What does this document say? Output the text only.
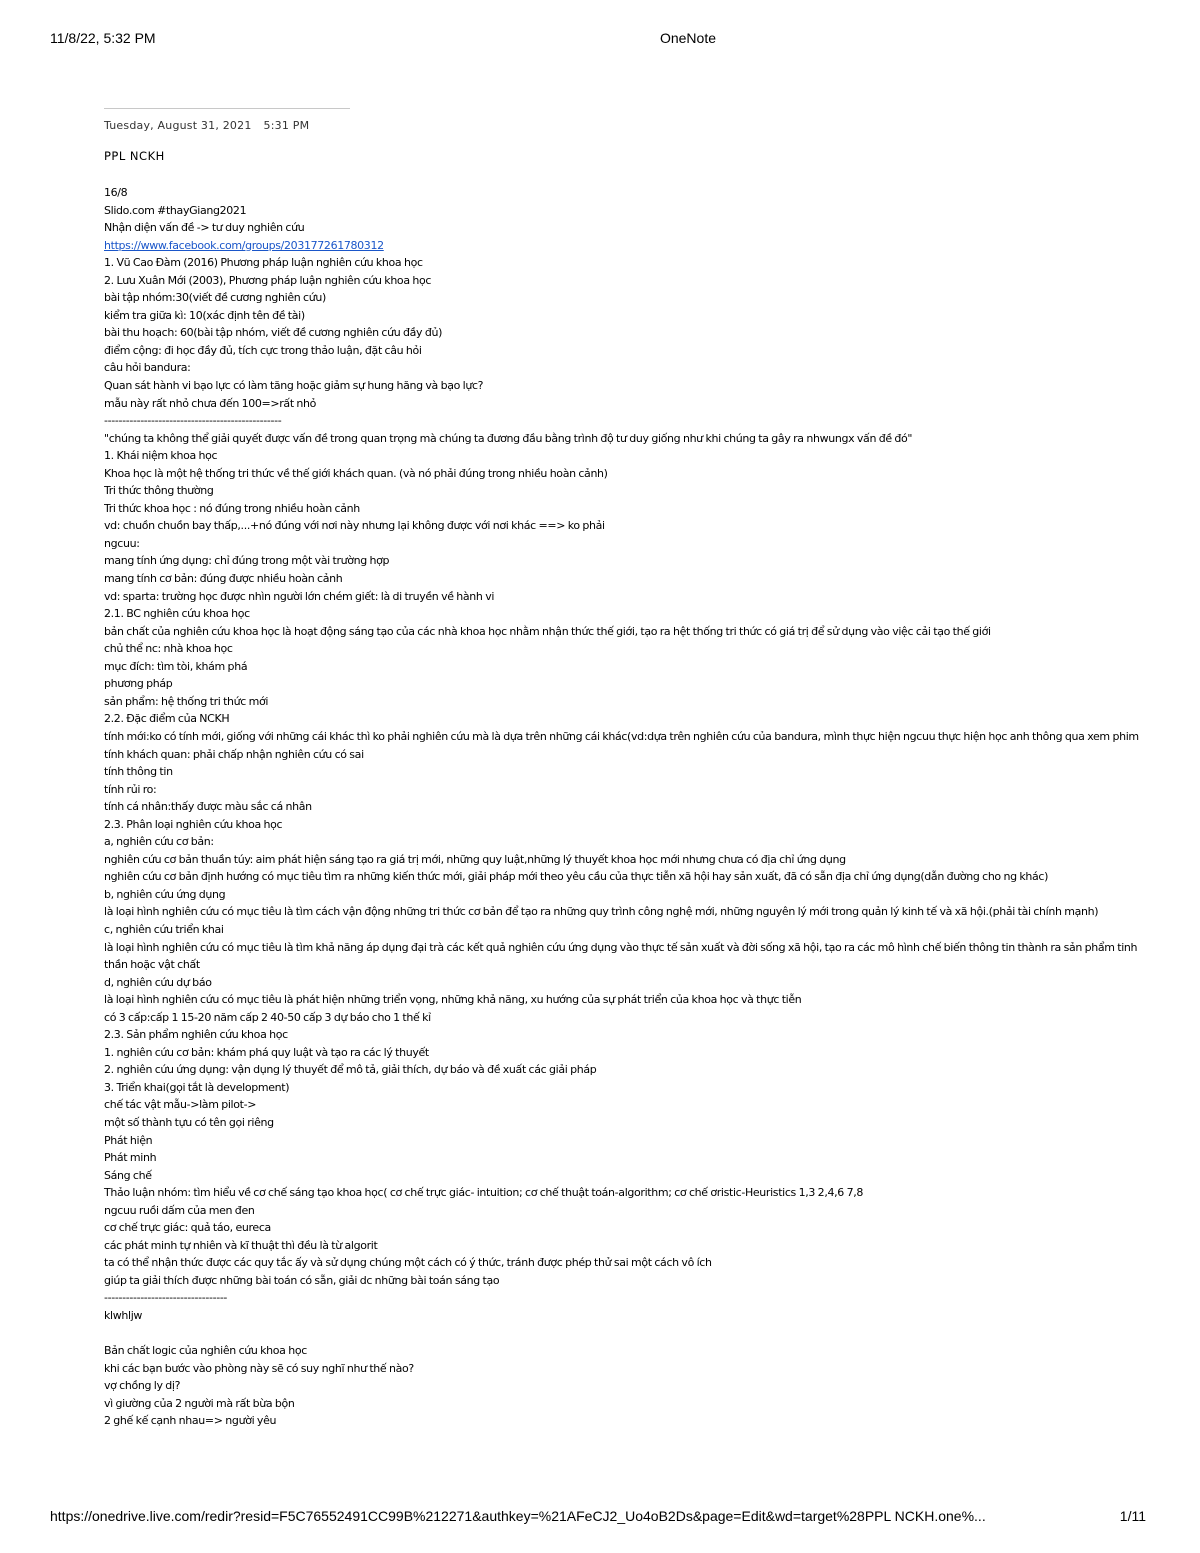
11/8/22, 5:32 PM	OneNote
Tuesday, August 31, 2021 5:31 PM
PPL NCKH
16/8
Slido.com #thayGiang2021
Nhận diện vấn đề -> tư duy nghiên cứu
https://www.facebook.com/groups/203177261780312
1. Vũ Cao Đàm (2016) Phương pháp luận nghiên cứu khoa học
2. Lưu Xuân Mới (2003), Phương pháp luận nghiên cứu khoa học
bài tập nhóm:30(viết đề cương nghiên cứu)
kiểm tra giữa kì: 10(xác định tên đề tài)
bài thu hoạch: 60(bài tập nhóm, viết đề cương nghiên cứu đầy đủ)
điểm cộng: đi học đầy đủ, tích cực trong thảo luận, đặt câu hỏi
câu hỏi bandura:
Quan sát hành vi bạo lực có làm tăng hoặc giảm sự hung hăng và bạo lực?
mẫu này rất nhỏ chưa đến 100=>rất nhỏ
-------------------------------------------------
"chúng ta không thể giải quyết được vấn đề trong quan trọng mà chúng ta đương đầu bằng trình độ tư duy giống như khi chúng ta gây ra nhwungx vấn đề đó"
1. Khái niệm khoa học
Khoa học là một hệ thống tri thức về thế giới khách quan. (và nó phải đúng trong nhiều hoàn cảnh)
Tri thức thông thường
Tri thức khoa học : nó đúng trong nhiều hoàn cảnh
vd: chuồn chuồn bay thấp,...+nó đúng với nơi này nhưng lại không được với nơi khác ==> ko phải
ngcuu:
mang tính ứng dụng: chỉ đúng trong một vài trường hợp
mang tính cơ bản: đúng được nhiều hoàn cảnh
vd: sparta: trường học được nhìn người lớn chém giết: là di truyền về hành vi
2.1. BC nghiên cứu khoa học
bản chất của nghiên cứu khoa học là hoạt động sáng tạo của các nhà khoa học nhằm nhận thức thế giới, tạo ra hệt thống tri thức có giá trị để sử dụng vào việc cải tạo thế giới
chủ thể nc: nhà khoa học
mục đích: tìm tòi, khám phá
phương pháp
sản phẩm: hệ thống tri thức mới
2.2. Đặc điểm của NCKH
tính mới:ko có tính mới, giống với những cái khác thì ko phải nghiên cứu mà là dựa trên những cái khác(vd:dựa trên nghiên cứu của bandura, mình thực hiện ngcuu thực hiện học anh thông qua xem phim
tính khách quan: phải chấp nhận nghiên cứu có sai
tính thông tin
tính rủi ro:
tính cá nhân:thấy được màu sắc cá nhân
2.3. Phân loại nghiên cứu khoa học
a, nghiên cứu cơ bản:
nghiên cứu cơ bản thuần túy: aim phát hiện sáng tạo ra giá trị mới, những quy luật,những lý thuyết khoa học mới nhưng chưa có địa chỉ ứng dụng
nghiên cứu cơ bản định hướng có mục tiêu tìm ra những kiến thức mới, giải pháp mới theo yêu cầu của thực tiễn xã hội hay sản xuất, đã có sẵn địa chỉ ứng dụng(dẫn đường cho ng khác)
b, nghiên cứu ứng dụng
là loại hình nghiên cứu có mục tiêu là tìm cách vận động những tri thức cơ bản để tạo ra những quy trình công nghệ mới, những nguyên lý mới trong quản lý kinh tế và xã hội.(phải tài chính mạnh)
c, nghiên cứu triển khai
là loại hình nghiên cứu có mục tiêu là tìm khả năng áp dụng đại trà các kết quả nghiên cứu ứng dụng vào thực tế sản xuất và đời sống xã hội, tạo ra các mô hình chế biến thông tin thành ra sản phẩm tinh thần hoặc vật chất
d, nghiên cứu dự báo
là loại hình nghiên cứu có mục tiêu là phát hiện những triển vọng, những khả năng, xu hướng của sự phát triển của khoa học và thực tiễn
có 3 cấp:cấp 1 15-20 năm cấp 2 40-50 cấp 3 dự báo cho 1 thế kỉ
2.3. Sản phẩm nghiên cứu khoa học
1. nghiên cứu cơ bản: khám phá quy luật và tạo ra các lý thuyết
2. nghiên cứu ứng dụng: vận dụng lý thuyết để mô tả, giải thích, dự báo và đề xuất các giải pháp
3. Triển khai(gọi tắt là development)
chế tác vật mẫu->làm pilot->
một số thành tựu có tên gọi riêng
Phát hiện
Phát minh
Sáng chế
Thảo luận nhóm: tìm hiểu về cơ chế sáng tạo khoa học( cơ chế trực giác- intuition; cơ chế thuật toán-algorithm; cơ chế ơristic-Heuristics 1,3 2,4,6 7,8
ngcuu ruồi dấm của men đen
cơ chế trực giác: quả táo, eureca
các phát minh tự nhiên và kĩ thuật thì đều là từ algorit
ta có thể nhận thức được các quy tắc ấy và sử dụng chúng một cách có ý thức, tránh được phép thử sai một cách vô ích
giúp ta giải thích được những bài toán có sẵn, giải dc những bài toán sáng tạo
----------------------------------
klwhljw
Bản chất logic của nghiên cứu khoa học
khi các bạn bước vào phòng này sẽ có suy nghĩ như thế nào?
vợ chồng ly dị?
vì giường của 2 người mà rất bừa bộn
2 ghế kế cạnh nhau=> người yêu
https://onedrive.live.com/redir?resid=F5C76552491CC99B%212271&authkey=%21AFeCJ2_Uo4oB2Ds&page=Edit&wd=target%28PPL NCKH.one%...	1/11
